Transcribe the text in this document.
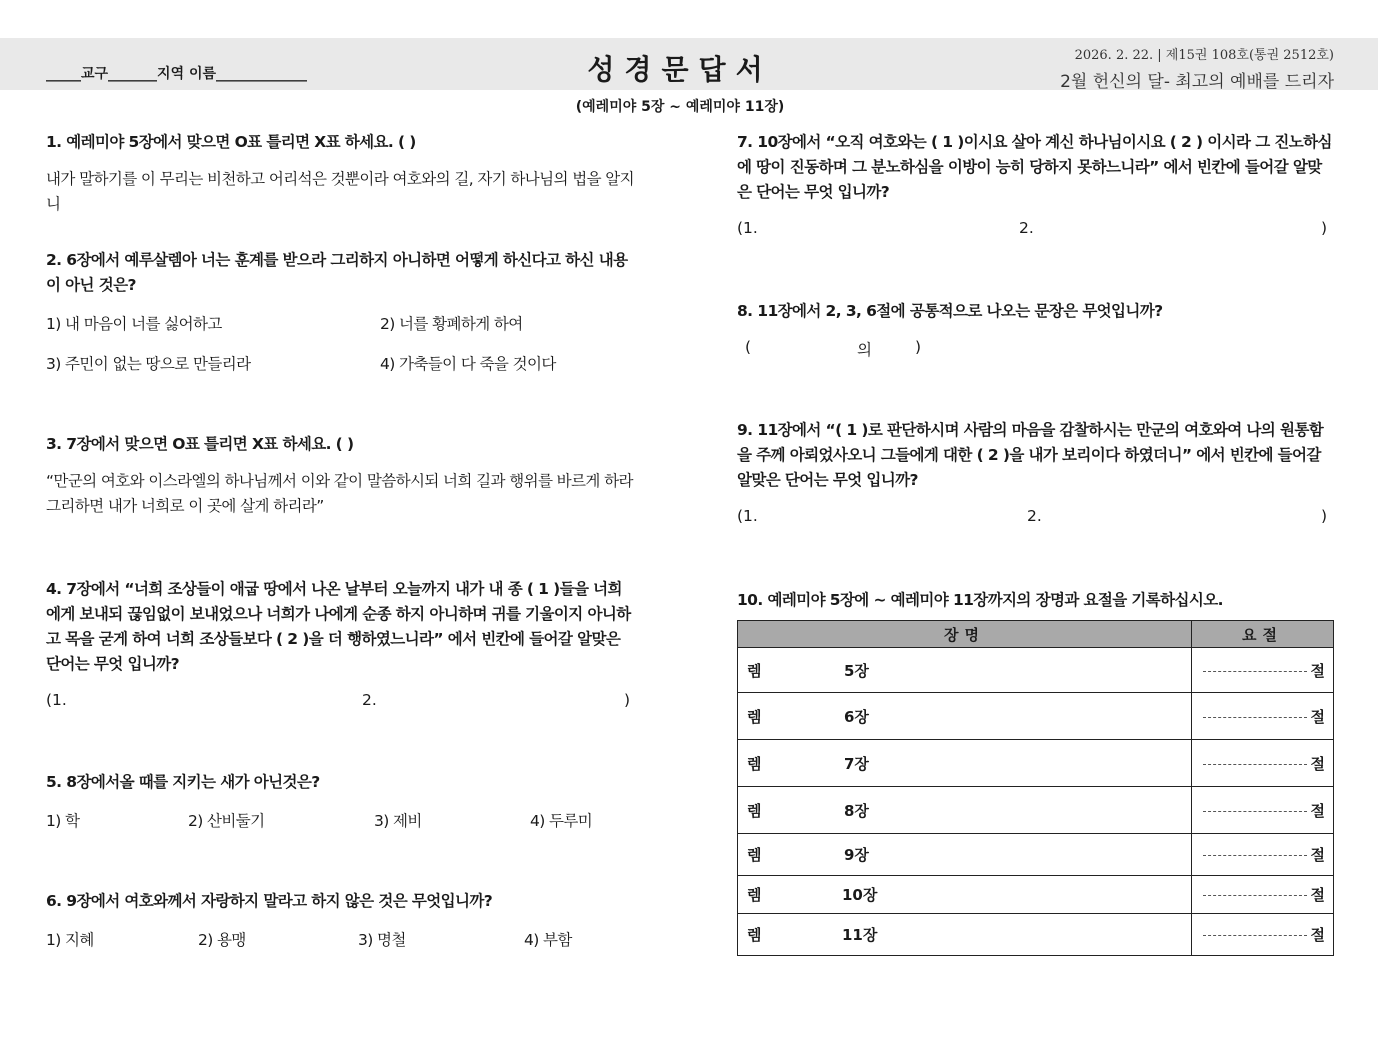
_____교구_______지역 이름_____________	성경문답서	2026. 2. 22. | 제15권 108호(통권 2512호)
2월 헌신의 달- 최고의 예배를 드리자
(예레미야 5장 ~ 예레미야 11장)
1. 예레미야 5장에서 맞으면 O표 틀리면 X표 하세요. ( )
내가 말하기를 이 무리는 비천하고 어리석은 것뿐이라 여호와의 길, 자기 하나님의 법을 알지니
2. 6장에서 예루살렘아 너는 훈계를 받으라 그리하지 아니하면 어떻게 하신다고 하신 내용이 아닌 것은?
1) 내 마음이 너를 싫어하고	2) 너를 황폐하게 하여
3) 주민이 없는 땅으로 만들리라	4) 가축들이 다 죽을 것이다
3. 7장에서 맞으면 O표 틀리면 X표 하세요. ( )
“만군의 여호와 이스라엘의 하나님께서 이와 같이 말씀하시되 너희 길과 행위를 바르게 하라 그리하면 내가 너희로 이 곳에 살게 하리라”
4. 7장에서 “너희 조상들이 애굽 땅에서 나온 날부터 오늘까지 내가 내 종 ( 1 )들을 너희에게 보내되 끊임없이 보내었으나 너희가 나에게 순종 하지 아니하며 귀를 기울이지 아니하고 목을 굳게 하여 너희 조상들보다 ( 2 )을 더 행하였느니라” 에서 빈칸에 들어갈 알맞은 단어는 무엇 입니까?
(1.	2.	)
5. 8장에서올 때를 지키는 새가 아닌것은?
1) 학	2) 산비둘기	3) 제비	4) 두루미
6. 9장에서 여호와께서 자랑하지 말라고 하지 않은 것은 무엇입니까?
1) 지혜	2) 용맹	3) 명철	4) 부함
7. 10장에서 “오직 여호와는 ( 1 )이시요 살아 계신 하나님이시요 ( 2 ) 이시라 그 진노하심에 땅이 진동하며 그 분노하심을 이방이 능히 당하지 못하느니라” 에서 빈칸에 들어갈 알맞은 단어는 무엇 입니까?
(1.	2.	)
8. 11장에서 2, 3, 6절에 공통적으로 나오는 문장은 무엇입니까?
(	의	)
9. 11장에서 “( 1 )로 판단하시며 사람의 마음을 감찰하시는 만군의 여호와여 나의 원통함을 주께 아뢰었사오니 그들에게 대한 ( 2 )을 내가 보리이다 하였더니” 에서 빈칸에 들어갈 알맞은 단어는 무엇 입니까?
(1.	2.	)
10. 예레미야 5장에 ~ 예레미야 11장까지의 장명과 요절을 기록하십시오.
장명	요절

렘 5장	절

렘 6장	절

렘 7장	절

렘 8장	절

렘 9장	절

렘 10장	절

렘 11장	절
